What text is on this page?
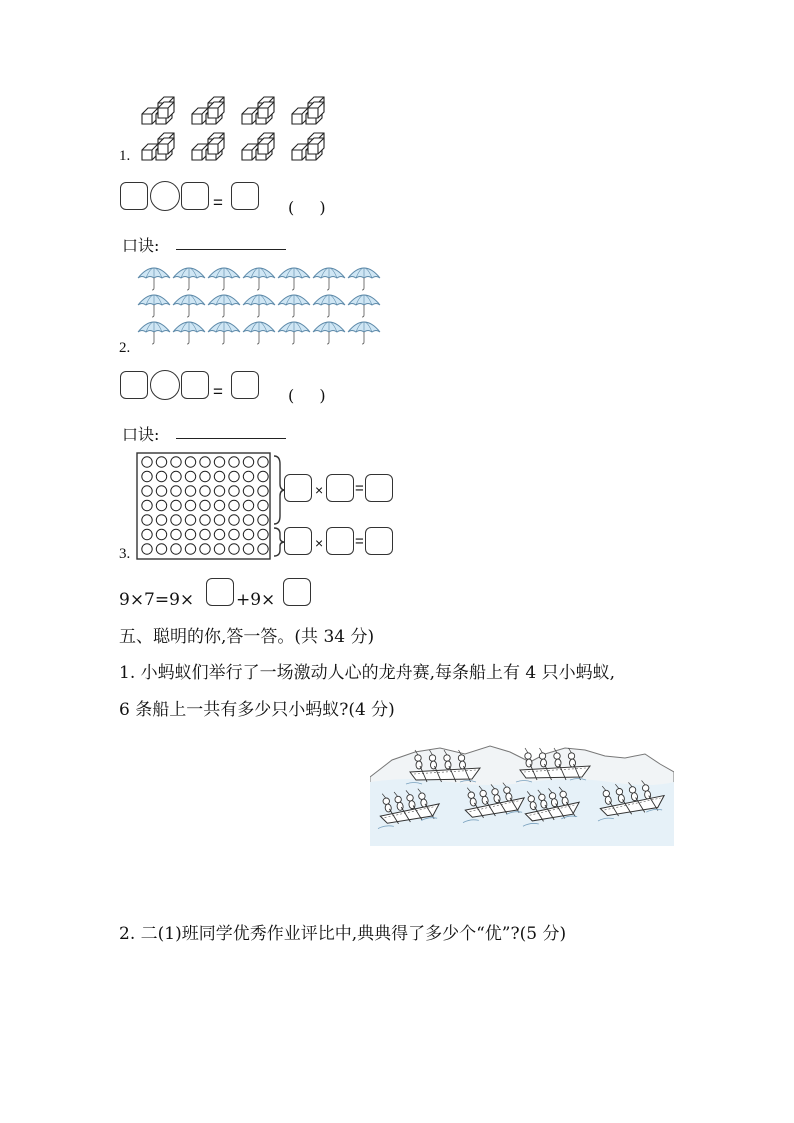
1.
=	( )
口诀:
2.
=	( )
口诀:
3.
× =
× =
9×7=9× +9×
五、聪明的你,答一答。(共 34 分)
1. 小蚂蚁们举行了一场激动人心的龙舟赛,每条船上有 4 只小蚂蚁,
6 条船上一共有多少只小蚂蚁?(4 分)
2. 二(1)班同学优秀作业评比中,典典得了多少个“优”?(5 分)
